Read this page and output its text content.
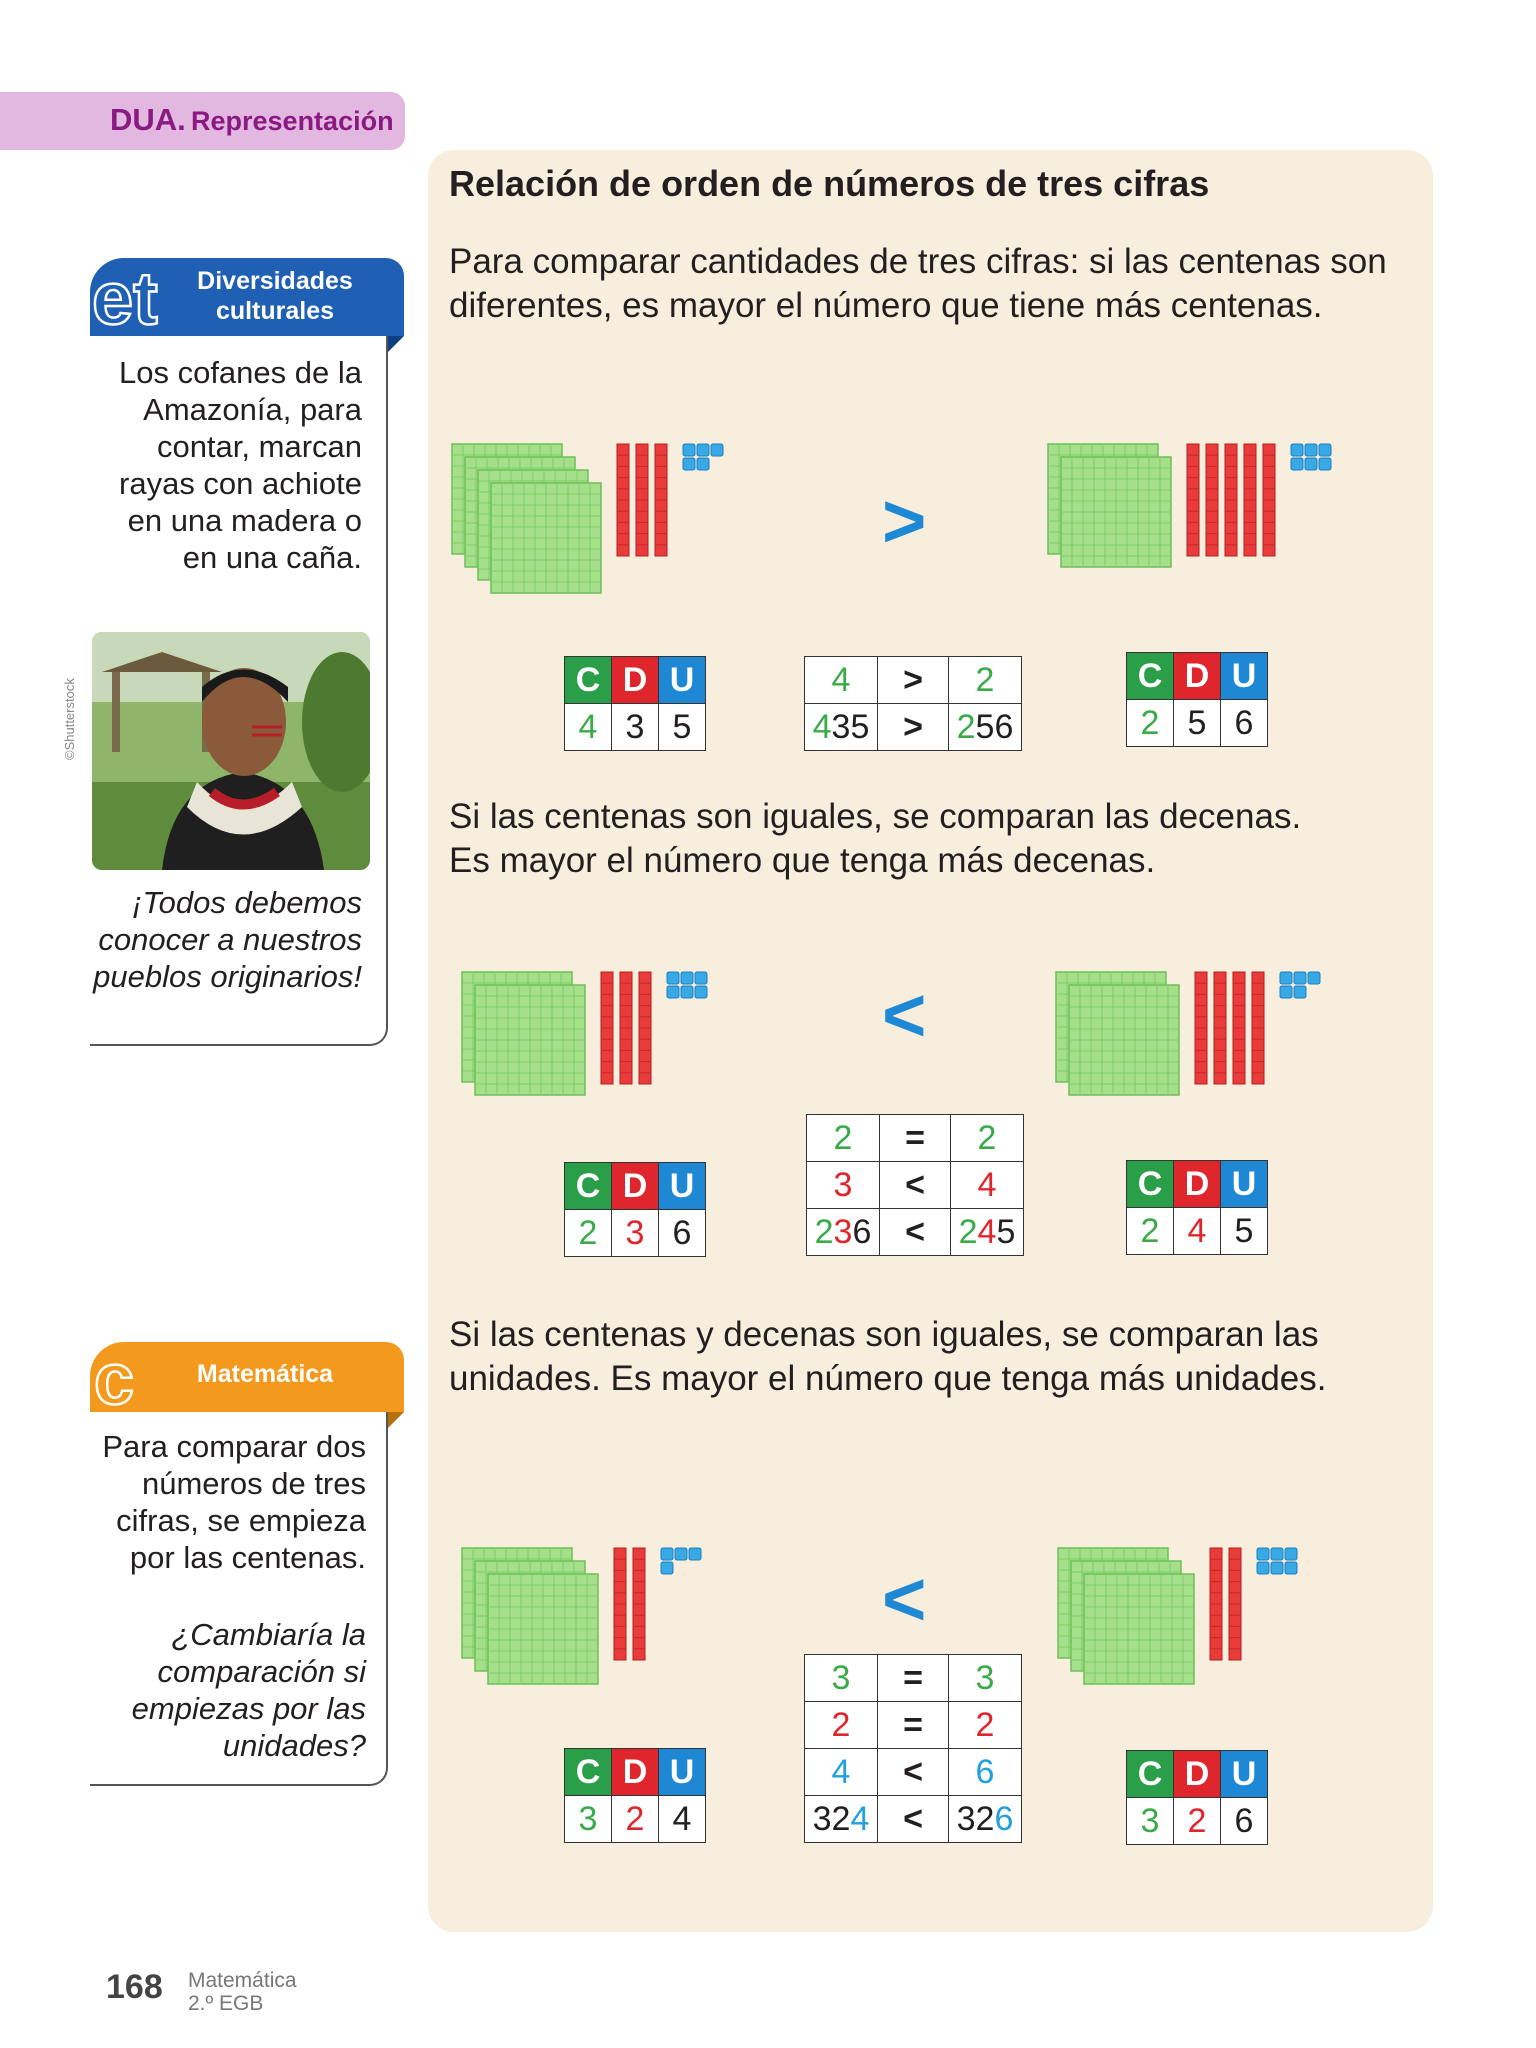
DUA. Representación
et Diversidades culturales
Los cofanes de la Amazonía, para contar, marcan rayas con achiote en una madera o en una caña.
©Shutterstock
¡Todos debemos conocer a nuestros pueblos originarios!
c	Matemática
Para comparar dos números de tres cifras, se empieza por las centenas.
¿Cambiaría la comparación si empiezas por las unidades?
Relación de orden de números de tres cifras
Para comparar cantidades de tres cifras: si las centenas son diferentes, es mayor el número que tiene más centenas.
Si las centenas son iguales, se comparan las decenas. Es mayor el número que tenga más decenas.
Si las centenas y decenas son iguales, se comparan las unidades. Es mayor el número que tenga más unidades.
>
<
<
C	D	U
4	3	5
4	>	2
435	>	256
C	D	U
2	5	6
C	D	U
2	3	6
2	=	2
3	<	4
236	<	245
C	D	U
2	4	5
C	D	U
3	2	4
3	=	3
2	=	2
4	<	6
324	<	326
C	D	U
3	2	6
168 Matemática
2.º EGB
